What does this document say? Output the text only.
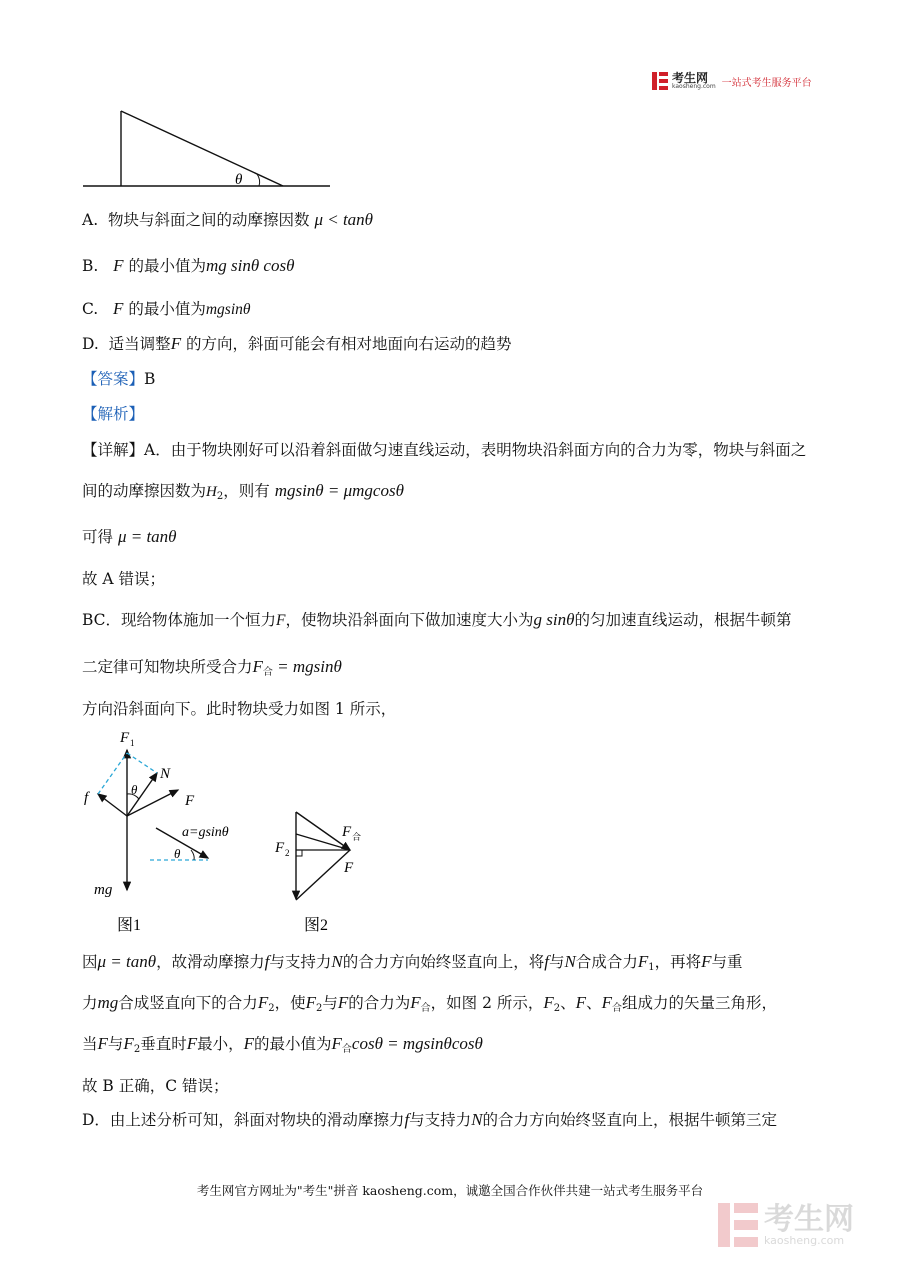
考生网
kaosheng.com 一站式考生服务平台
θ
A. 物块与斜面之间的动摩擦因数 μ < tanθ
B. F 的最小值为mg sinθ cosθ
C. F 的最小值为mgsinθ
D. 适当调整F 的方向，斜面可能会有相对地面向右运动的趋势
【答案】B
【解析】
【详解】A．由于物块刚好可以沿着斜面做匀速直线运动，表明物块沿斜面方向的合力为零，物块与斜面之
间的动摩擦因数为$H_2$，则有 mgsinθ = μmgcosθ
可得 μ = tanθ
故 A 错误；
BC．现给物体施加一个恒力F，使物块沿斜面向下做加速度大小为g sinθ的匀加速直线运动，根据牛顿第
二定律可知物块所受合力$F_合 = mgsin\theta$
方向沿斜面向下。此时物块受力如图 1 所示，
F 1
N
θ
f	F
mg
a=gsinθ
θ
图1
F 合
F 2
F
图2
因μ = tanθ，故滑动摩擦力f与支持力N的合力方向始终竖直向上，将f与N合成合力$F_1$，再将F与重
力mg合成竖直向下的合力$F_2$，使$F_2$与F的合力为$F_合$，如图 2 所示，$F_2$、F、$F_合$组成力的矢量三角形，
当F与$F_2$垂直时F最小，F的最小值为$F_合\cos\theta = mgsin\theta\cos\theta$
故 B 正确，C 错误；
D．由上述分析可知，斜面对物块的滑动摩擦力f与支持力N的合力方向始终竖直向上，根据牛顿第三定
考生网官方网址为"考生"拼音 kaosheng.com，诚邀全国合作伙伴共建一站式考生服务平台
考生网
kaosheng.com
